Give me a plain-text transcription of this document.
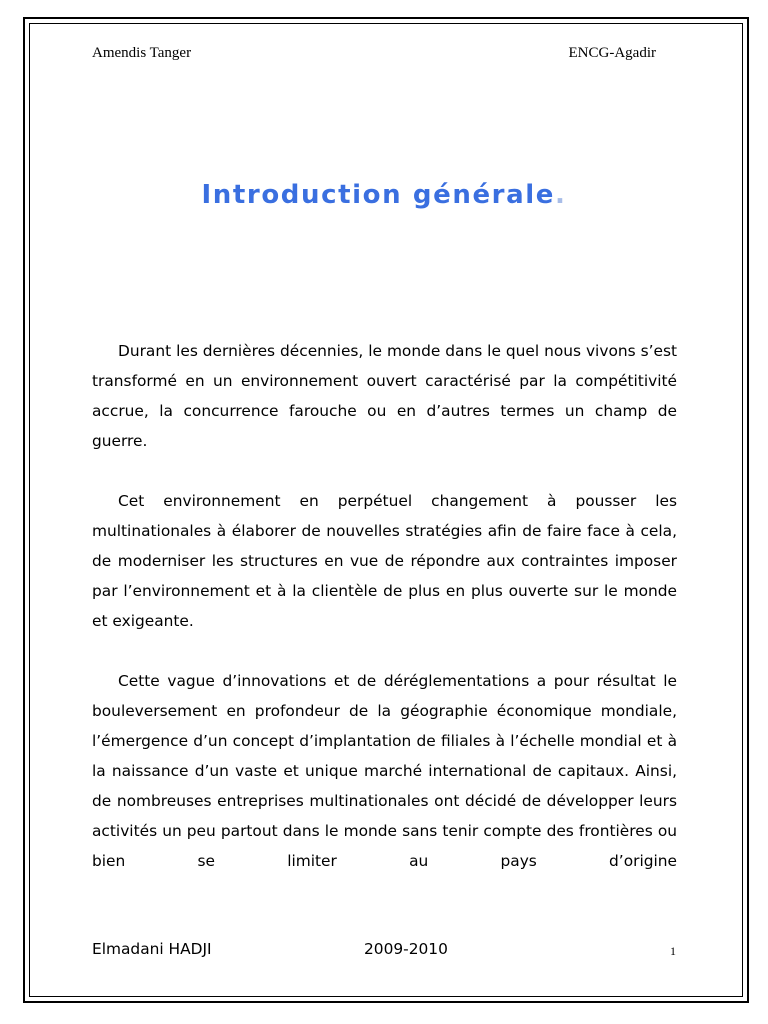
Amendis Tanger	ENCG-Agadir
Introduction générale.

Durant les dernières décennies, le monde dans le quel nous vivons s’est transformé en un environnement ouvert caractérisé par la compétitivité accrue, la concurrence farouche ou en d’autres termes un champ de guerre.

Cet environnement en perpétuel changement à pousser les multinationales à élaborer de nouvelles stratégies afin de faire face à cela, de moderniser les structures en vue de répondre aux contraintes imposer par l’environnement et à la clientèle de plus en plus ouverte sur le monde et exigeante.

Cette vague d’innovations et de déréglementations a pour résultat le bouleversement en profondeur de la géographie économique mondiale, l’émergence d’un concept d’implantation de filiales à l’échelle mondial et à la naissance d’un vaste et unique marché international de capitaux. Ainsi, de nombreuses entreprises multinationales ont décidé de développer leurs activités un peu partout dans le monde sans tenir compte des frontières ou bien se limiter au pays d’origine

Elmadani HADJI	2009-2010	1
